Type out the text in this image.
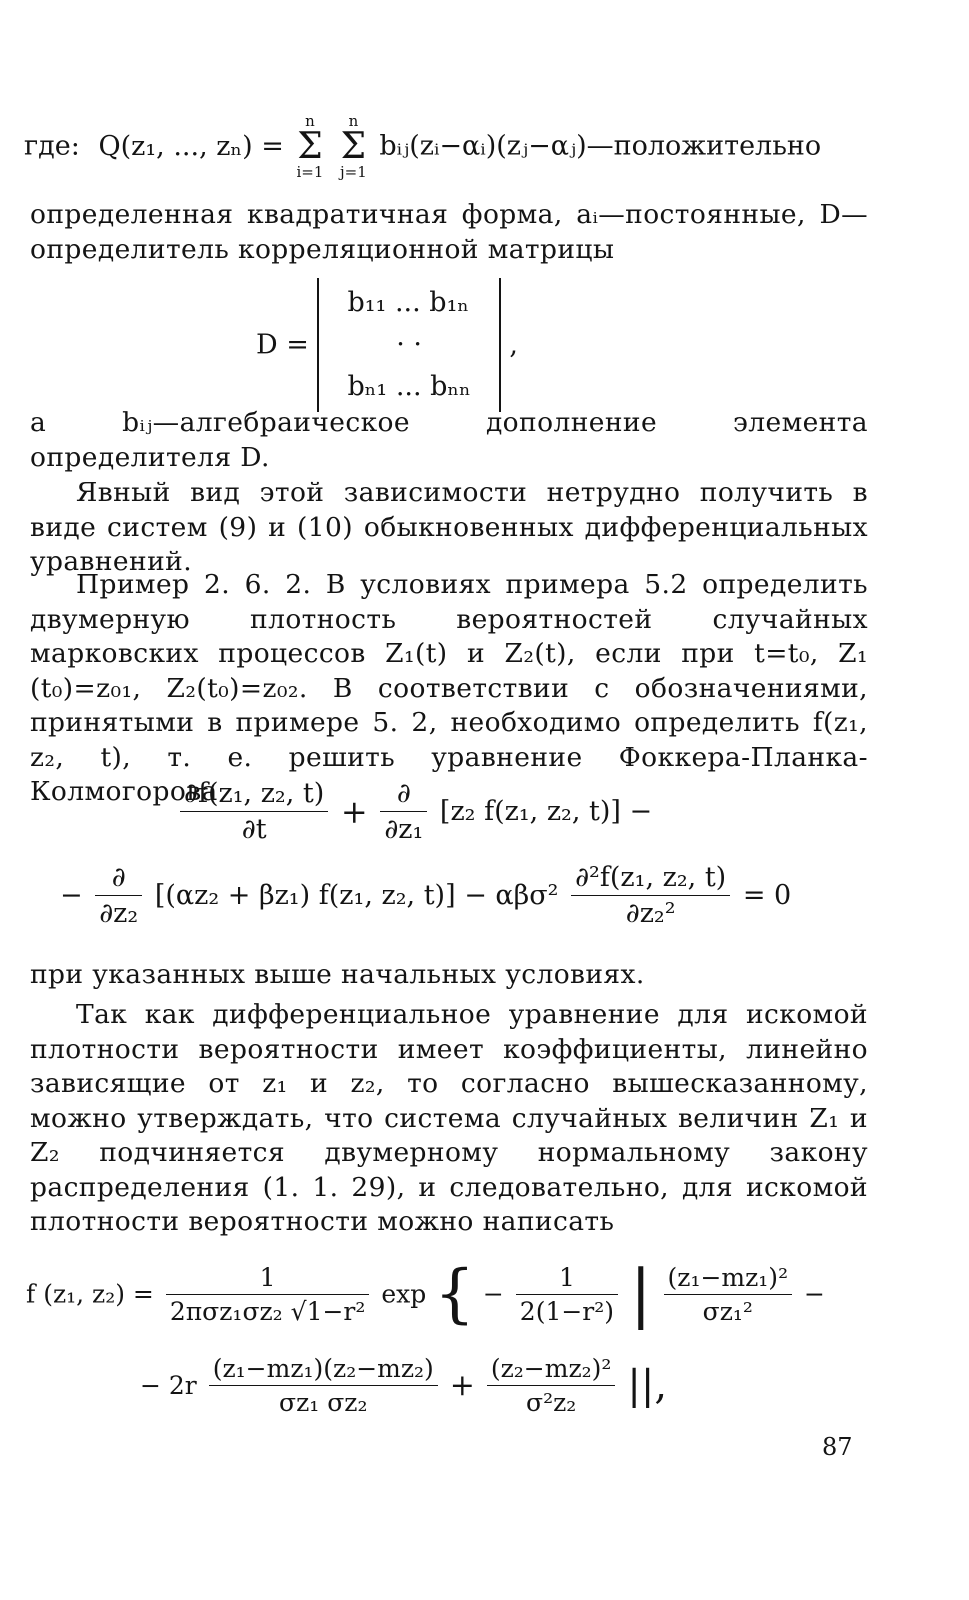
где: Q(z₁, ..., zₙ) =
n
Σ
i=1

n
Σ
j=1
bᵢⱼ(zᵢ−αᵢ)(zⱼ−αⱼ)—положительно

определенная квадратичная форма, aᵢ—постоянные, D—определитель корреляционной матрицы

D =
b₁₁ ... b₁ₙ
· ·
bₙ₁ ... bₙₙ
,

a bᵢⱼ—алгебраическое дополнение элемента определителя D.

Явный вид этой зависимости нетрудно получить в виде систем (9) и (10) обыкновенных дифференциальных уравнений.

Пример 2. 6. 2. В условиях примера 5.2 определить двумерную плотность вероятностей случайных марковских процессов Z₁(t) и Z₂(t), если при t=t₀, Z₁ (t₀)=z₀₁, Z₂(t₀)=z₀₂. В соответствии с обозначениями, принятыми в примере 5. 2, необходимо определить f(z₁, z₂, t), т. е. решить уравнение Фоккера-Планка-Колмогорова

$\frac{\text{∂f(z₁, z₂, t)}}{\partial t} + \frac{\partial}{\text{∂z₁}} [z_2$ f(z₁, z₂, t)] −
− $\frac{\partial}{\text{∂z₂}} [(\alpha z_2 + \beta z_1)$ f(z₁, z₂, $t)] - \alpha\beta\sigma^2 \frac{\text{∂²f(z₁, z₂, t)}}{\text{∂z₂²}} = 0$

при указанных выше начальных условиях.

Так как дифференциальное уравнение для искомой плотности вероятности имеет коэффициенты, линейно зависящие от z₁ и z₂, то согласно вышесказанному, можно утверждать, что система случайных величин Z₁ и Z₂ подчиняется двумерному нормальному закону распределения (1. 1. 29), и следовательно, для искомой плотности вероятности можно написать

f (z₁, $z_2) = \frac{1}{\text{2πσz₁σz₂ √1−r²}}$ exp { − $\frac{1}{\text{2(1−r²)}}$ | $\frac{\text{(z₁−mz₁)²}}{\text{σz₁²}}$ −
− $2r \frac{\text{(z₁−mz₁)(z₂−mz₂)}}{\text{σz₁ σz₂}} + \frac{\text{(z₂−mz₂)²}}{\text{σ²z₂}}$ ||,
87
